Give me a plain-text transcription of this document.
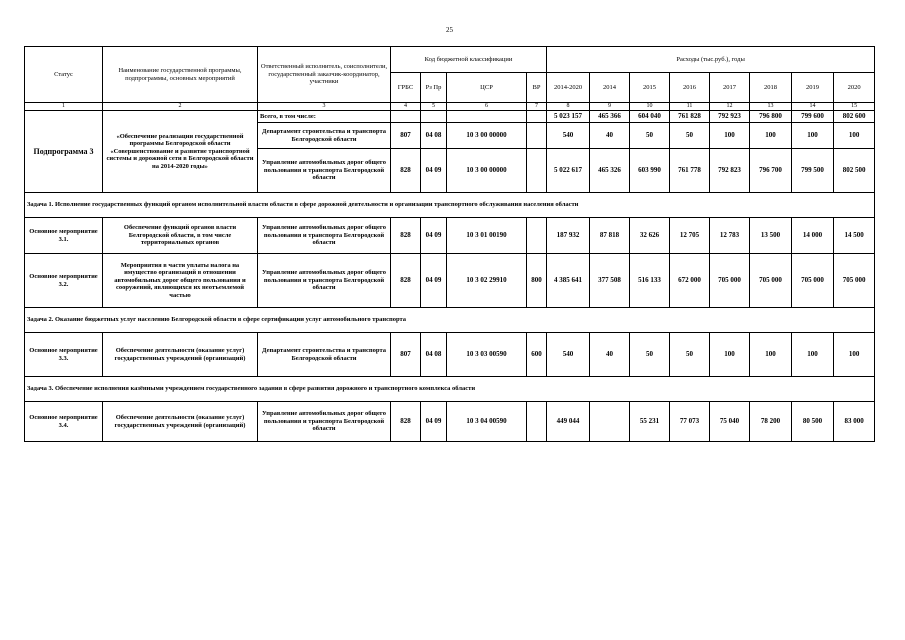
25
Статус	Наименование государственной программы, подпрограммы, основных мероприятий	Ответственный исполнитель, соисполнители, государственный заказчик-координатор, участники	Код бюджетной классификации				Расходы (тыс.руб.), годы							
			ГРБС	Рз Пр	ЦСР	ВР	2014-2020	2014	2015	2016	2017	2018	2019	2020
1	2	3	4	5	6	7	8	9	10	11	12	13	14	15
Подпрограмма 3	«Обеспечение реализации государственной программы Белгородской области «Совершенствование и развитие транспортной системы и дорожной сети в Белгородской области на 2014-2020 годы»	Всего, в том числе:					5 023 157	465 366	604 040	761 828	792 923	796 800	799 600	802 600
		Департамент строительства и транспорта Белгородской области	807	04 08	10 3 00 00000		540	40	50	50	100	100	100	100
		Управление автомобильных дорог общего пользования и транспорта Белгородской области	828	04 09	10 3 00 00000		5 022 617	465 326	603 990	761 778	792 823	796 700	799 500	802 500
Задача 1. Исполнение государственных функций органом исполнительной власти области в сфере дорожной деятельности и организации транспортного обслуживания населения области														
Основное мероприятие 3.1.	Обеспечение функций органов власти Белгородской области, в том числе территориальных органов	Управление автомобильных дорог общего пользования и транспорта Белгородской области	828	04 09	10 3 01 00190		187 932	87 818	32 626	12 705	12 783	13 500	14 000	14 500
Основное мероприятие 3.2.	Мероприятия в части уплаты налога на имущество организаций в отношении автомобильных дорог общего пользования и сооружений, являющихся их неотъемлемой частью	Управление автомобильных дорог общего пользования и транспорта Белгородской области	828	04 09	10 3 02 29910	800	4 385 641	377 508	516 133	672 000	705 000	705 000	705 000	705 000
Задача 2. Оказание бюджетных услуг населению Белгородской области в сфере сертификации услуг автомобильного транспорта														
Основное мероприятие 3.3.	Обеспечение деятельности (оказание услуг) государственных учреждений (организаций)	Департамент строительства и транспорта Белгородской области	807	04 08	10 3 03 00590	600	540	40	50	50	100	100	100	100
Задача 3. Обеспечение исполнения казёнными учреждением государственного задания в сфере развития дорожного и транспортного комплекса области														
Основное мероприятие 3.4.	Обеспечение деятельности (оказание услуг) государственных учреждений (организаций)	Управление автомобильных дорог общего пользования и транспорта Белгородской области	828	04 09	10 3 04 00590		449 044		55 231	77 073	75 040	78 200	80 500	83 000
